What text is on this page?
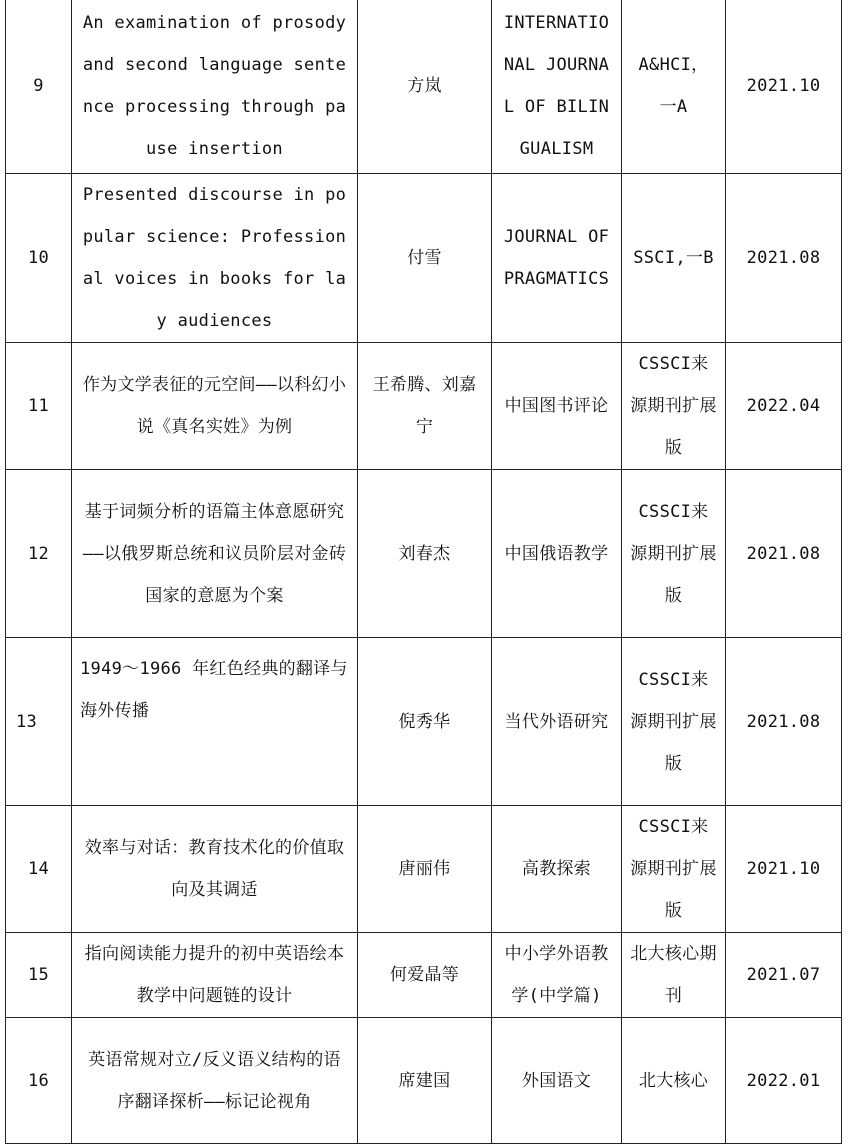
9	An examination of prosody and second language sentence processing through pause insertion	方岚	INTERNATIONAL JOURNAL OF BILINGUALISM	A&HCI，一A	2021.10
10	Presented discourse in popular science: Professional voices in books for lay audiences	付雪	JOURNAL OF PRAGMATICS	SSCI,一B	2021.08
11	作为文学表征的元空间——以科幻小说《真名实姓》为例	王希腾、刘嘉宁	中国图书评论	CSSCI来源期刊扩展版	2022.04
12	基于词频分析的语篇主体意愿研究 ——以俄罗斯总统和议员阶层对金砖国家的意愿为个案	刘春杰	中国俄语教学	CSSCI来源期刊扩展版	2021.08
13	1949～1966 年红色经典的翻译与海外传播	倪秀华	当代外语研究	CSSCI来源期刊扩展版	2021.08
14	效率与对话：教育技术化的价值取向及其调适	唐丽伟	高教探索	CSSCI来源期刊扩展版	2021.10
15	指向阅读能力提升的初中英语绘本教学中问题链的设计	何爱晶等	中小学外语教学(中学篇)	北大核心期刊	2021.07
16	英语常规对立/反义语义结构的语序翻译探析——标记论视角	席建国	外国语文	北大核心	2022.01
